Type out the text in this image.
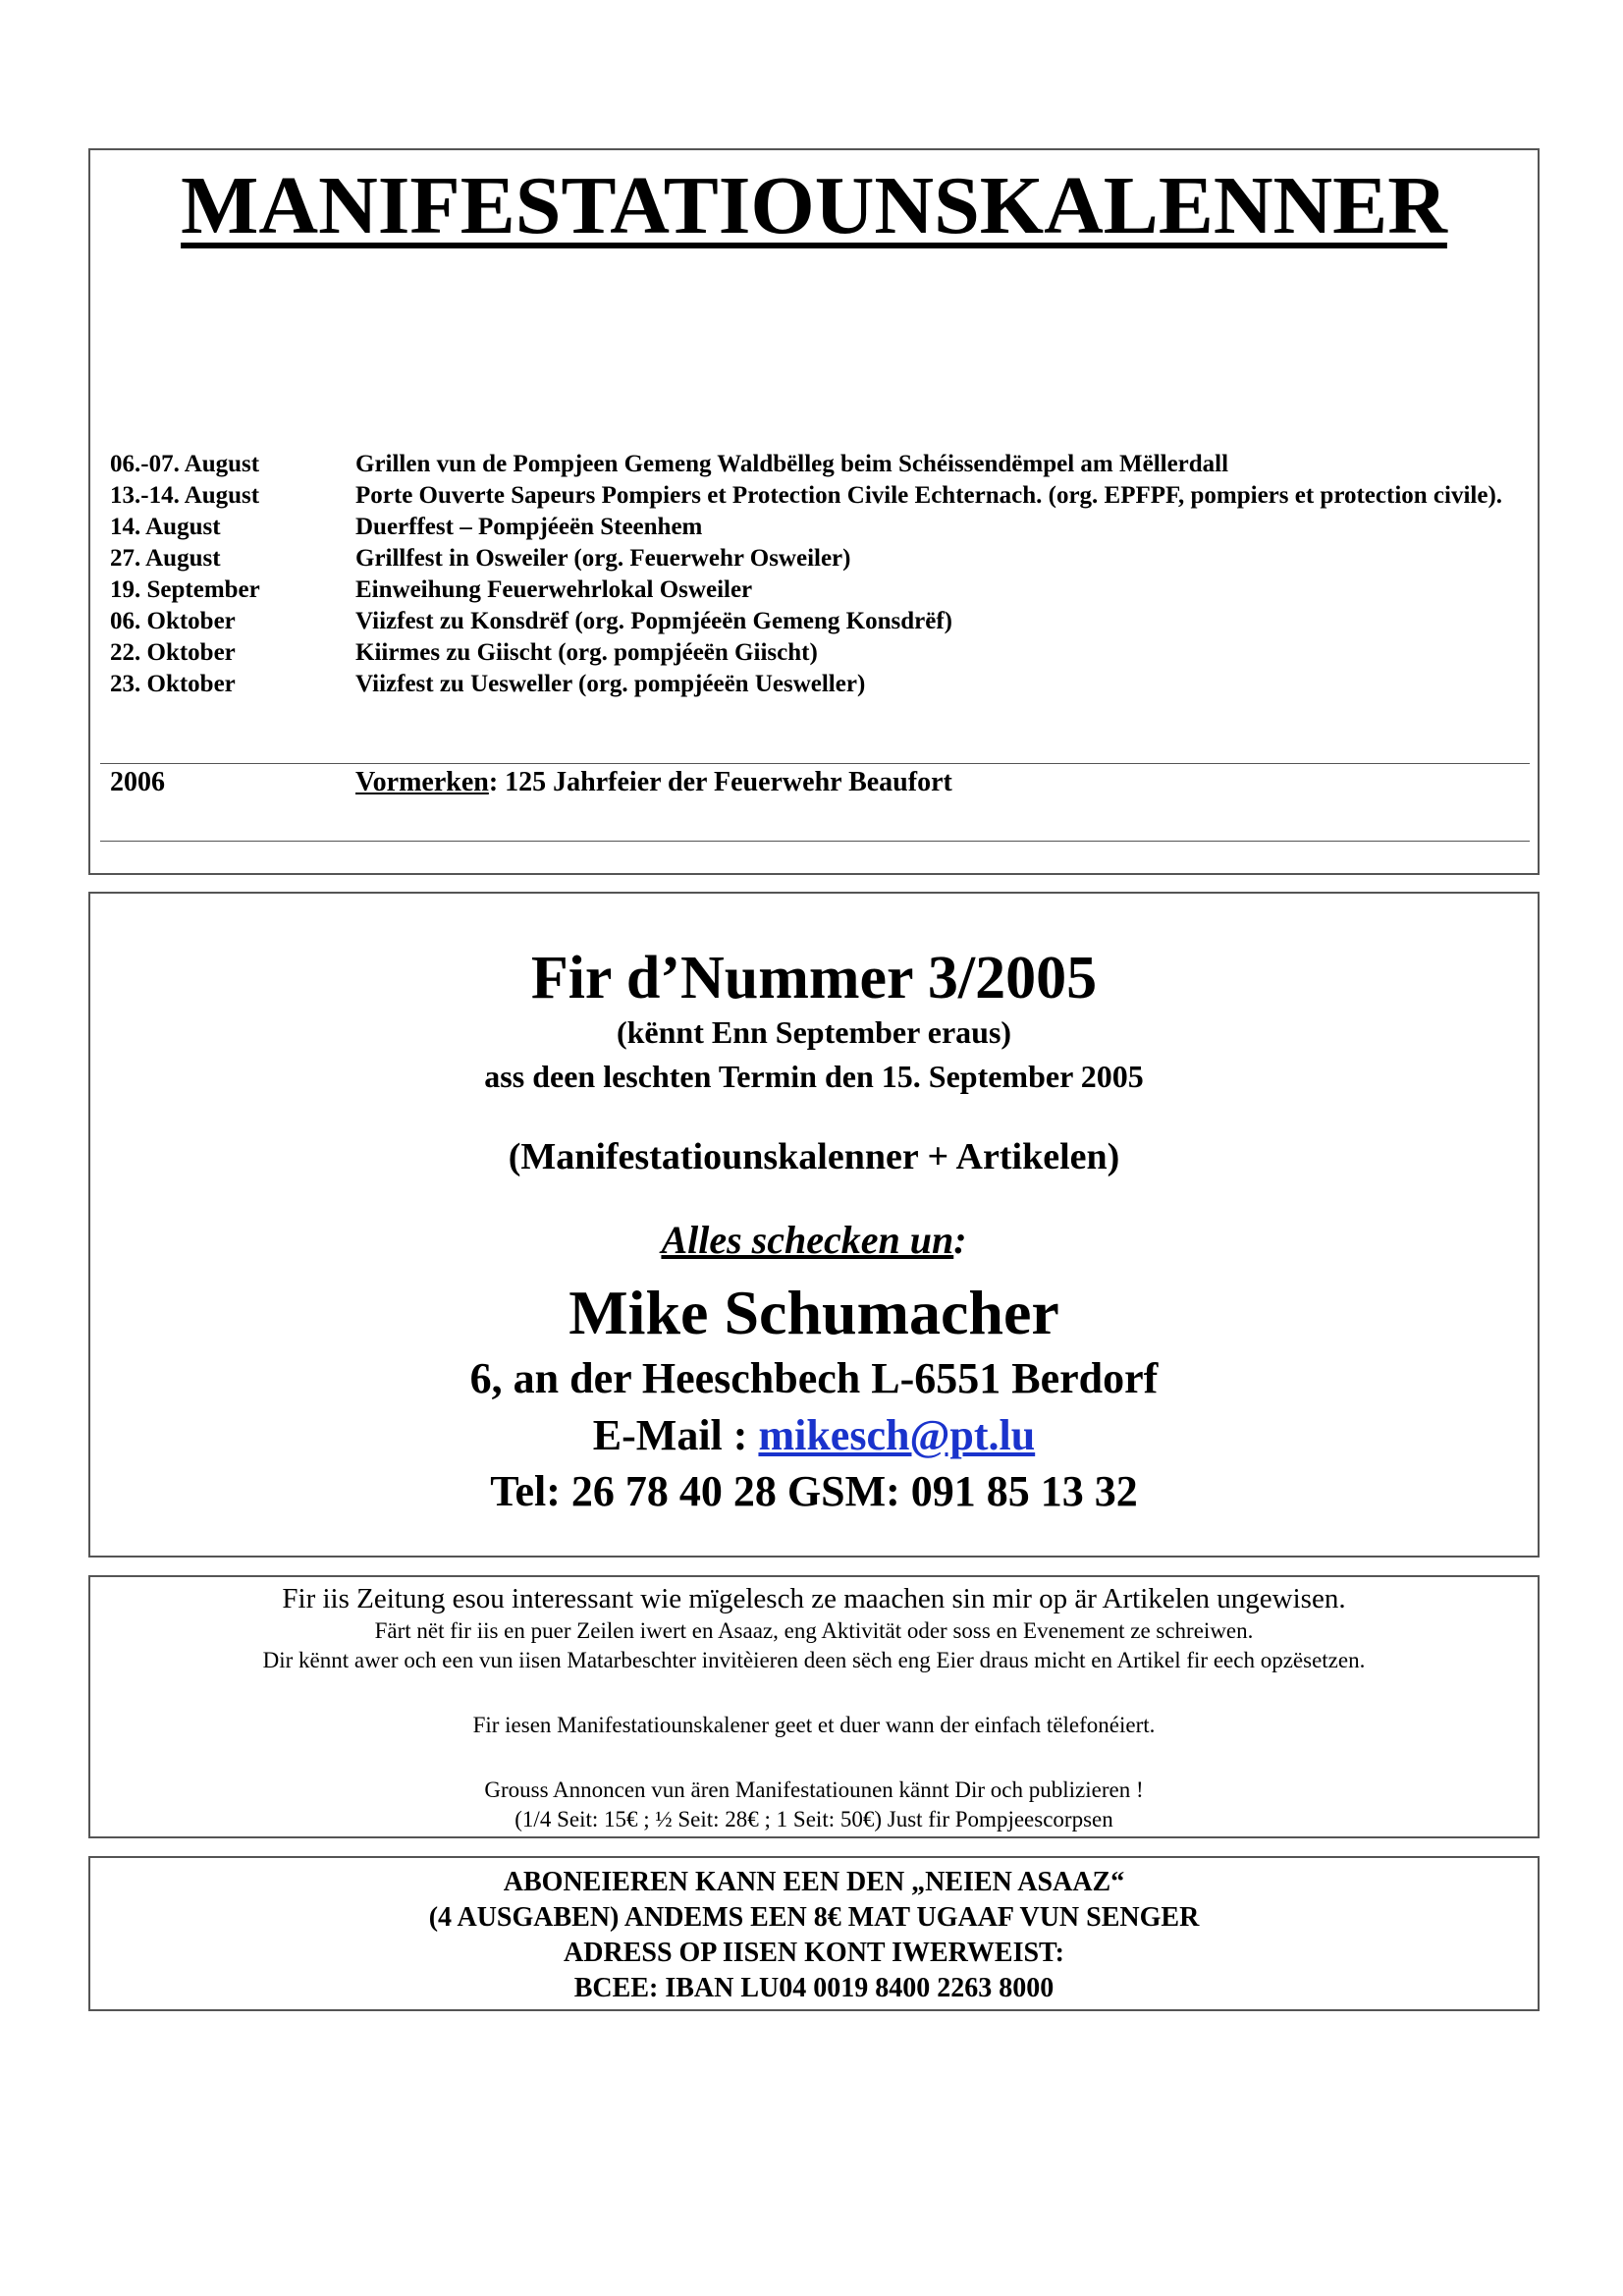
MANIFESTATIOUNSKALENNER
06.-07. August	Grillen vun de Pompjeen Gemeng Waldbëlleg beim Schéissendëmpel am Mëllerdall
13.-14. August	Porte Ouverte Sapeurs Pompiers et Protection Civile Echternach. (org. EPFPF, pompiers et protection civile).
14. August	Duerffest – Pompjéeën Steenhem
27. August	Grillfest in Osweiler (org. Feuerwehr Osweiler)
19. September	Einweihung Feuerwehrlokal Osweiler
06. Oktober	Viizfest zu Konsdrëf (org. Popmjéeën Gemeng Konsdrëf)
22. Oktober	Kiirmes zu Giischt (org. pompjéeën Giischt)
23. Oktober	Viizfest zu Uesweller (org. pompjéeën Uesweller)
2006	Vormerken: 125 Jahrfeier der Feuerwehr Beaufort
Fir d’Nummer 3/2005
(kënnt Enn September eraus)
ass deen leschten Termin den 15. September 2005
(Manifestatiounskalenner + Artikelen)
Alles schecken un:
Mike Schumacher
6, an der Heeschbech L-6551 Berdorf
E-Mail : mikesch@pt.lu
Tel: 26 78 40 28 GSM: 091 85 13 32
Fir iis Zeitung esou interessant wie mïgelesch ze maachen sin mir op är Artikelen ungewisen.
Färt nët fir iis en puer Zeilen iwert en Asaaz, eng Aktivität oder soss en Evenement ze schreiwen.
Dir kënnt awer och een vun iisen Matarbeschter invitèieren deen sëch eng Eier draus micht en Artikel fir eech opzësetzen.
Fir iesen Manifestatiounskalener geet et duer wann der einfach tëlefonéiert.
Grouss Annoncen vun ären Manifestatiounen kännt Dir och publizieren !
(1/4 Seit: 15€ ; ½ Seit: 28€ ; 1 Seit: 50€) Just fir Pompjeescorpsen
ABONEIEREN KANN EEN DEN „NEIEN ASAAZ“
(4 AUSGABEN) ANDEMS EEN 8€ MAT UGAAF VUN SENGER
ADRESS OP IISEN KONT IWERWEIST:
BCEE: IBAN LU04 0019 8400 2263 8000
